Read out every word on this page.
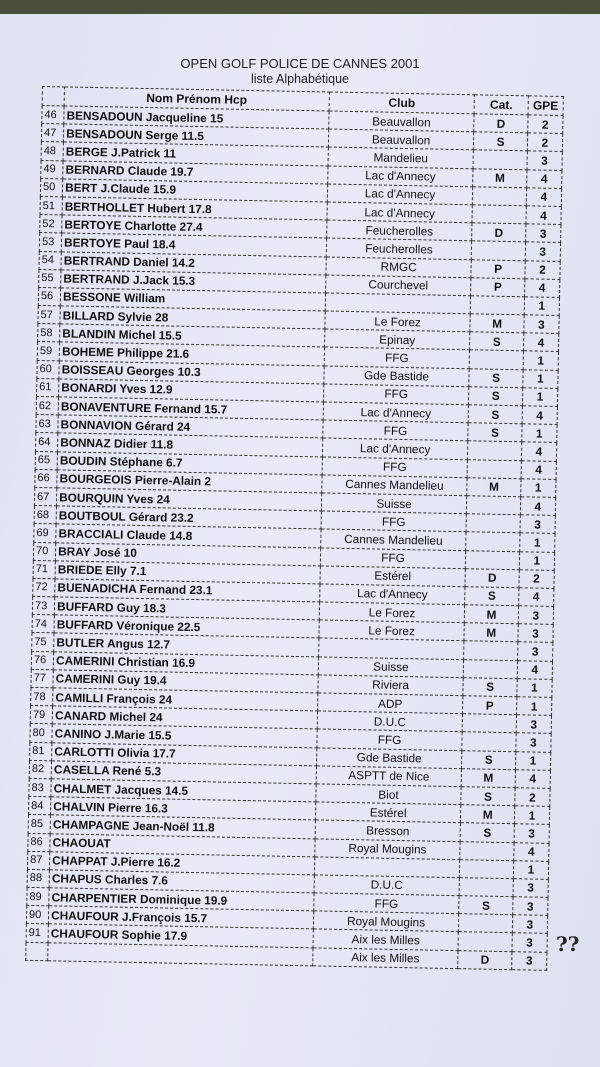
OPEN GOLF POLICE DE CANNES 2001
liste Alphabétique
	Nom Prénom Hcp	Club	Cat.	GPE
46	BENSADOUN Jacqueline 15	Beauvallon	D	2
47	BENSADOUN Serge 11.5	Beauvallon	S	2
48	BERGE J.Patrick 11	Mandelieu		3
49	BERNARD Claude 19.7	Lac d'Annecy	M	4
50	BERT J.Claude 15.9	Lac d'Annecy		4
51	BERTHOLLET Hubert 17.8	Lac d'Annecy		4
52	BERTOYE Charlotte 27.4	Feucherolles	D	3
53	BERTOYE Paul 18.4	Feucherolles		3
54	BERTRAND Daniel 14.2	RMGC	P	2
55	BERTRAND J.Jack 15.3	Courchevel	P	4
56	BESSONE William			1
57	BILLARD Sylvie 28	Le Forez	M	3
58	BLANDIN Michel 15.5	Epinay	S	4
59	BOHEME Philippe 21.6	FFG		1
60	BOISSEAU Georges 10.3	Gde Bastide	S	1
61	BONARDI Yves 12.9	FFG	S	1
62	BONAVENTURE Fernand 15.7	Lac d'Annecy	S	4
63	BONNAVION Gérard 24	FFG	S	1
64	BONNAZ Didier 11.8	Lac d'Annecy		4
65	BOUDIN Stéphane 6.7	FFG		4
66	BOURGEOIS Pierre-Alain 2	Cannes Mandelieu	M	1
67	BOURQUIN Yves 24	Suisse		4
68	BOUTBOUL Gérard 23.2	FFG		3
69	BRACCIALI Claude 14.8	Cannes Mandelieu		1
70	BRAY José 10	FFG		1
71	BRIEDE Elly 7.1	Estérel	D	2
72	BUENADICHA Fernand 23.1	Lac d'Annecy	S	4
73	BUFFARD Guy 18.3	Le Forez	M	3
74	BUFFARD Véronique 22.5	Le Forez	M	3
75	BUTLER Angus 12.7			3
76	CAMERINI Christian 16.9	Suisse		4
77	CAMERINI Guy 19.4	Riviera	S	1
78	CAMILLI François 24	ADP	P	1
79	CANARD Michel 24	D.U.C		3
80	CANINO J.Marie 15.5	FFG		3
81	CARLOTTI Olivia 17.7	Gde Bastide	S	1
82	CASELLA René 5.3	ASPTT de Nice	M	4
83	CHALMET Jacques 14.5	Biot	S	2
84	CHALVIN Pierre 16.3	Estérel	M	1
85	CHAMPAGNE Jean-Noël 11.8	Bresson	S	3
86	CHAOUAT	Royal Mougins		4
87	CHAPPAT J.Pierre 16.2			1
88	CHAPUS Charles 7.6	D.U.C		3
89	CHARPENTIER Dominique 19.9	FFG	S	3
90	CHAUFOUR J.François 15.7	Royal Mougins		3
91	CHAUFOUR Sophie 17.9	Aix les Milles		3
		Aix les Milles	D	3
??
